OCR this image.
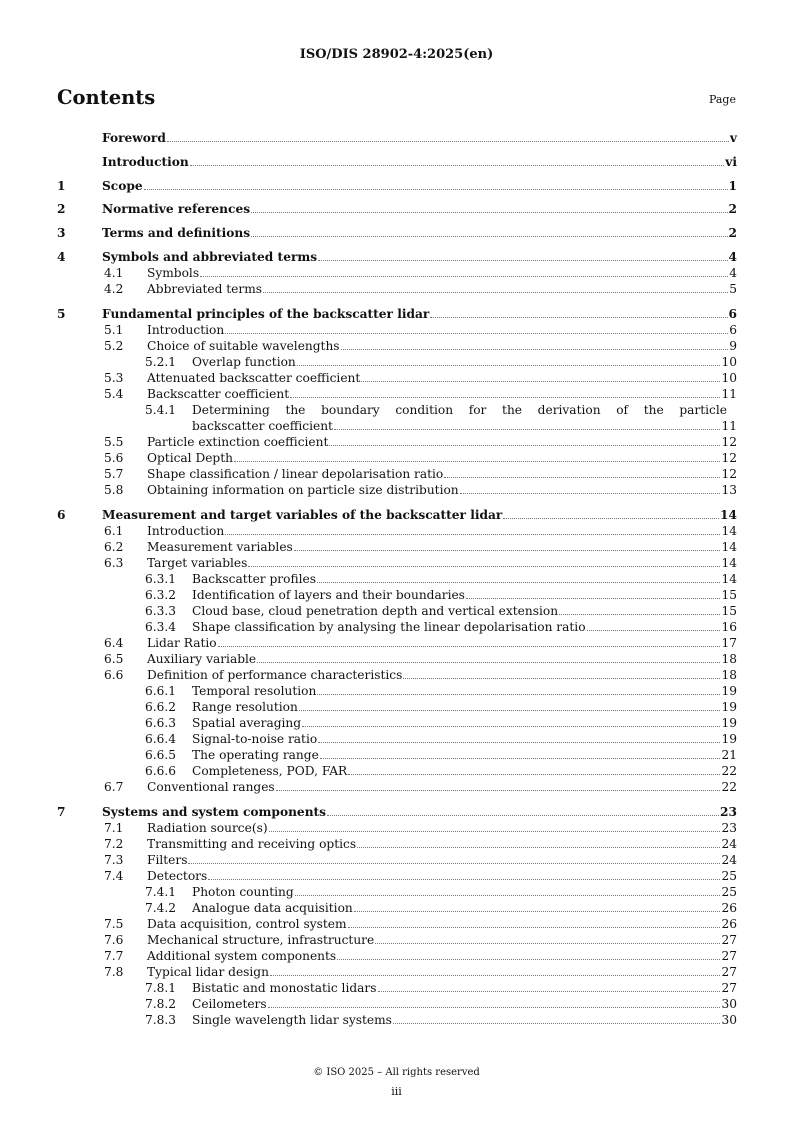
ISO/DIS 28902-4:2025(en)
Contents	Page
Foreword	v
Introduction	vi
1	Scope	1
2	Normative references	2
3	Terms and definitions	2
4	Symbols and abbreviated terms	4
4.1 Symbols	4
4.2 Abbreviated terms	5
5	Fundamental principles of the backscatter lidar	6
5.1 Introduction	6
5.2 Choice of suitable wavelengths	9
5.2.1 Overlap function	10
5.3 Attenuated backscatter coefficient	10
5.4 Backscatter coefficient	11
5.4.1 Determining the boundary condition for the derivation of the particle
backscatter coefficient	11
5.5 Particle extinction coefficient	12
5.6 Optical Depth	12
5.7 Shape classification / linear depolarisation ratio	12
5.8 Obtaining information on particle size distribution	13
6	Measurement and target variables of the backscatter lidar	14
6.1 Introduction	14
6.2 Measurement variables	14
6.3 Target variables	14
6.3.1 Backscatter profiles	14
6.3.2 Identification of layers and their boundaries	15
6.3.3 Cloud base, cloud penetration depth and vertical extension	15
6.3.4 Shape classification by analysing the linear depolarisation ratio	16
6.4 Lidar Ratio	17
6.5 Auxiliary variable	18
6.6 Definition of performance characteristics	18
6.6.1 Temporal resolution	19
6.6.2 Range resolution	19
6.6.3 Spatial averaging	19
6.6.4 Signal-to-noise ratio	19
6.6.5 The operating range	21
6.6.6 Completeness, POD, FAR	22
6.7 Conventional ranges	22
7	Systems and system components	23
7.1 Radiation source(s)	23
7.2 Transmitting and receiving optics	24
7.3 Filters	24
7.4 Detectors	25
7.4.1 Photon counting	25
7.4.2 Analogue data acquisition	26
7.5 Data acquisition, control system	26
7.6 Mechanical structure, infrastructure	27
7.7 Additional system components	27
7.8 Typical lidar design	27
7.8.1 Bistatic and monostatic lidars	27
7.8.2 Ceilometers	30
7.8.3 Single wavelength lidar systems	30
© ISO 2025 – All rights reserved
iii
